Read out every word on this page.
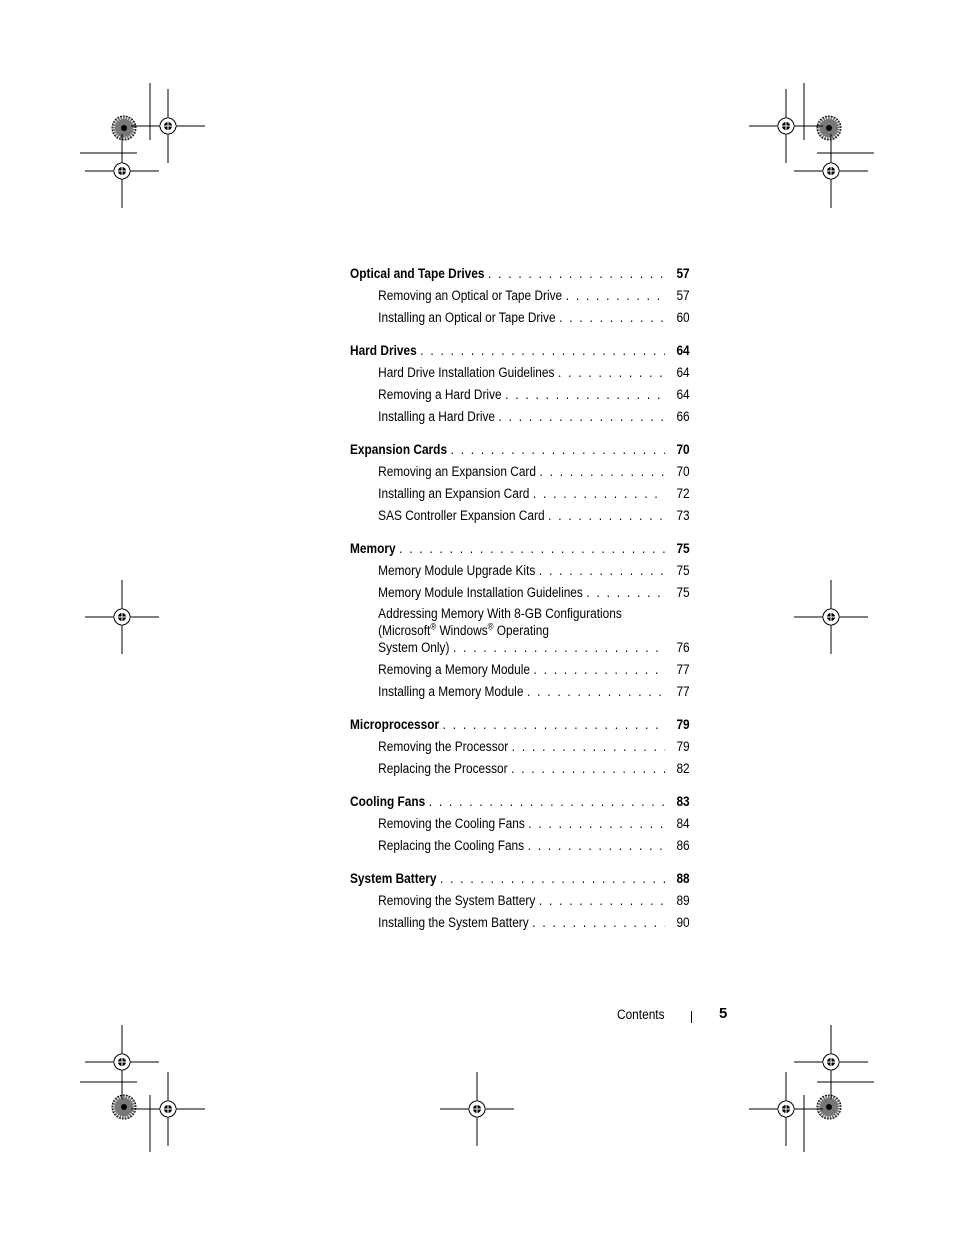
Optical and Tape Drives . . .	57
Removing an Optical or Tape Drive . . .	57
Installing an Optical or Tape Drive . . .	60
Hard Drives . . .	64
Hard Drive Installation Guidelines . . .	64
Removing a Hard Drive . . .	64
Installing a Hard Drive . . .	66
Expansion Cards . . .	70
Removing an Expansion Card . . .	70
Installing an Expansion Card . . .	72
SAS Controller Expansion Card . . .	73
Memory . . .	75
Memory Module Upgrade Kits . . .	75
Memory Module Installation Guidelines . . .	75
Addressing Memory With 8-GB Configurations
(Microsoft® Windows® Operating
System Only) . . .	76
Removing a Memory Module . . .	77
Installing a Memory Module . . .	77
Microprocessor . . .	79
Removing the Processor . . .	79
Replacing the Processor . . .	82
Cooling Fans . . .	83
Removing the Cooling Fans . . .	84
Replacing the Cooling Fans . . .	86
System Battery . . .	88
Removing the System Battery . . .	89
Installing the System Battery . . .	90
Contents	5
